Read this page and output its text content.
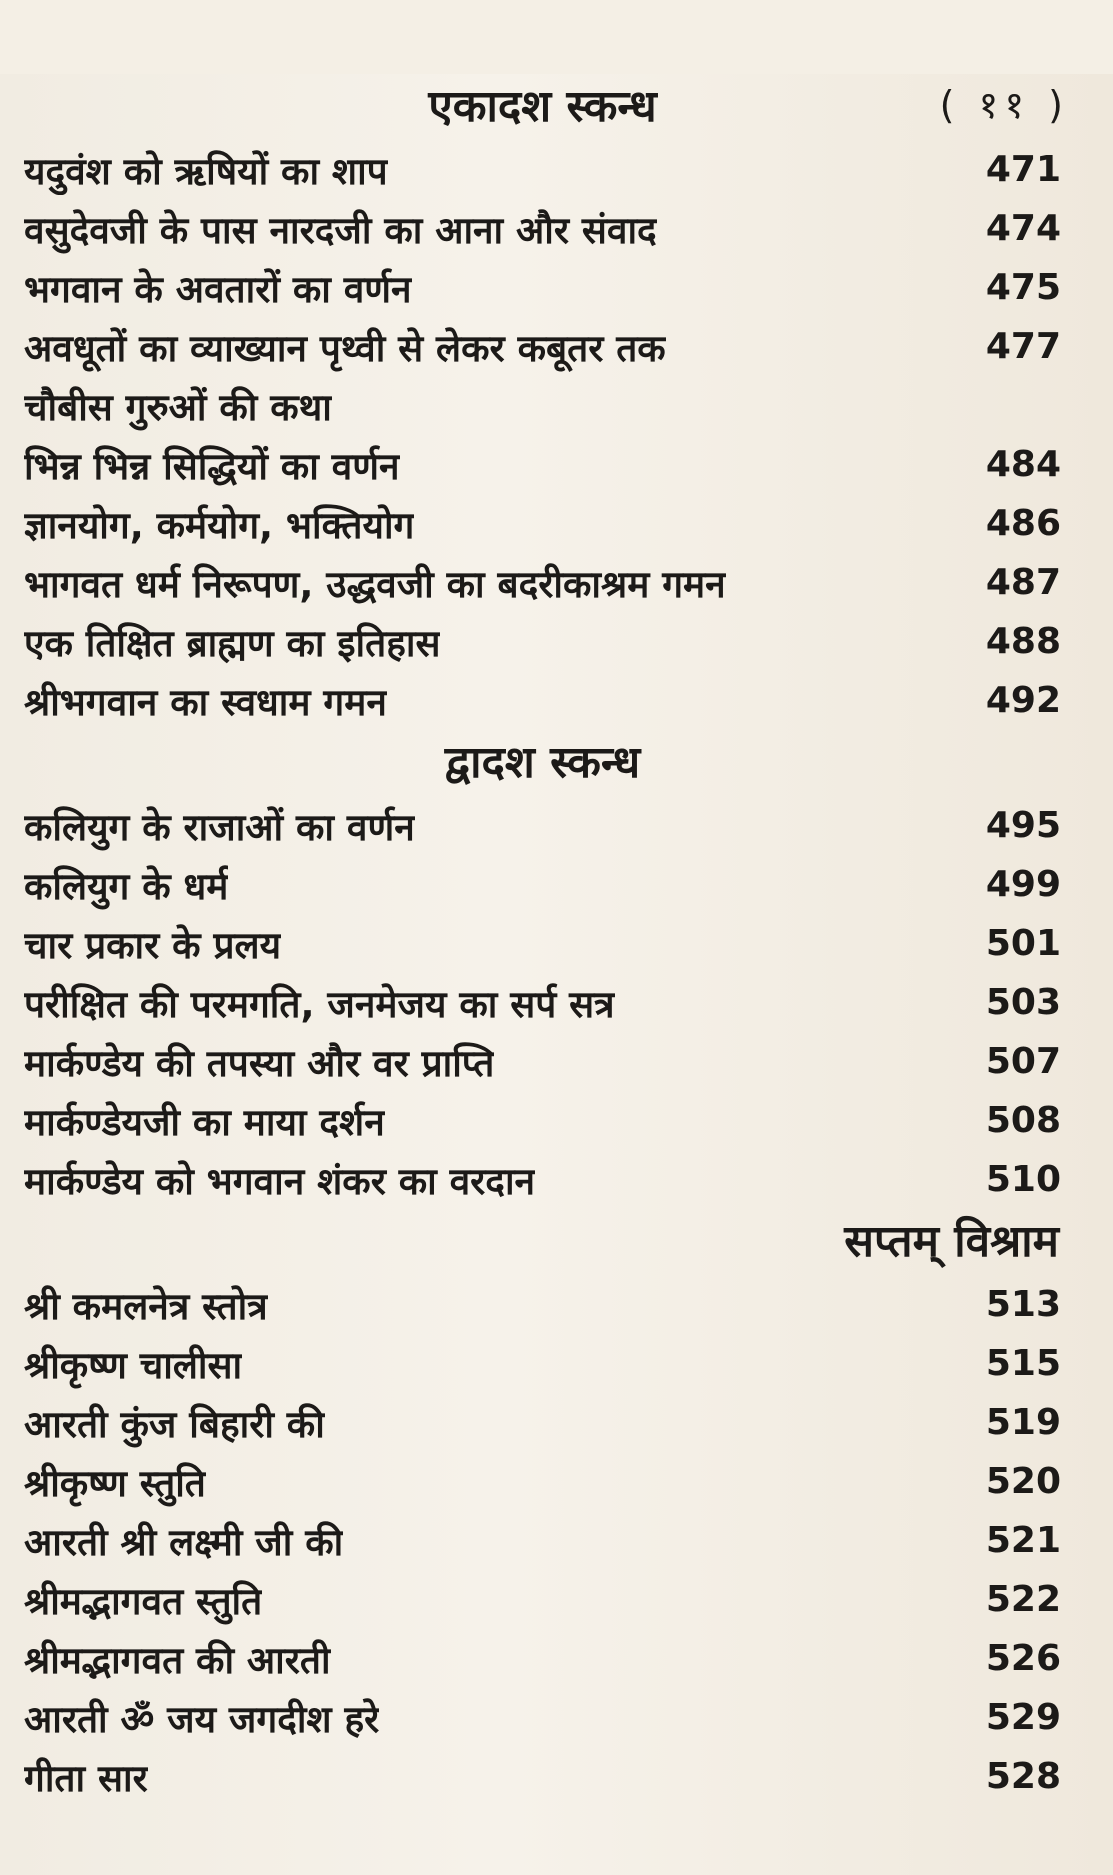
( ११ )
एकादश स्कन्ध
यदुवंश को ऋषियों का शाप	471
वसुदेवजी के पास नारदजी का आना और संवाद	474
भगवान के अवतारों का वर्णन	475
अवधूतों का व्याख्यान पृथ्वी से लेकर कबूतर तक	477
चौबीस गुरुओं की कथा
भिन्न भिन्न सिद्धियों का वर्णन	484
ज्ञानयोग, कर्मयोग, भक्तियोग	486
भागवत धर्म निरूपण, उद्धवजी का बदरीकाश्रम गमन	487
एक तिक्षित ब्राह्मण का इतिहास	488
श्रीभगवान का स्वधाम गमन	492
द्वादश स्कन्ध
कलियुग के राजाओं का वर्णन	495
कलियुग के धर्म	499
चार प्रकार के प्रलय	501
परीक्षित की परमगति, जनमेजय का सर्प सत्र	503
मार्कण्डेय की तपस्या और वर प्राप्ति	507
मार्कण्डेयजी का माया दर्शन	508
मार्कण्डेय को भगवान शंकर का वरदान	510
सप्तम् विश्राम
श्री कमलनेत्र स्तोत्र	513
श्रीकृष्ण चालीसा	515
आरती कुंज बिहारी की	519
श्रीकृष्ण स्तुति	520
आरती श्री लक्ष्मी जी की	521
श्रीमद्भागवत स्तुति	522
श्रीमद्भागवत की आरती	526
आरती ॐ जय जगदीश हरे	529
गीता सार	528
